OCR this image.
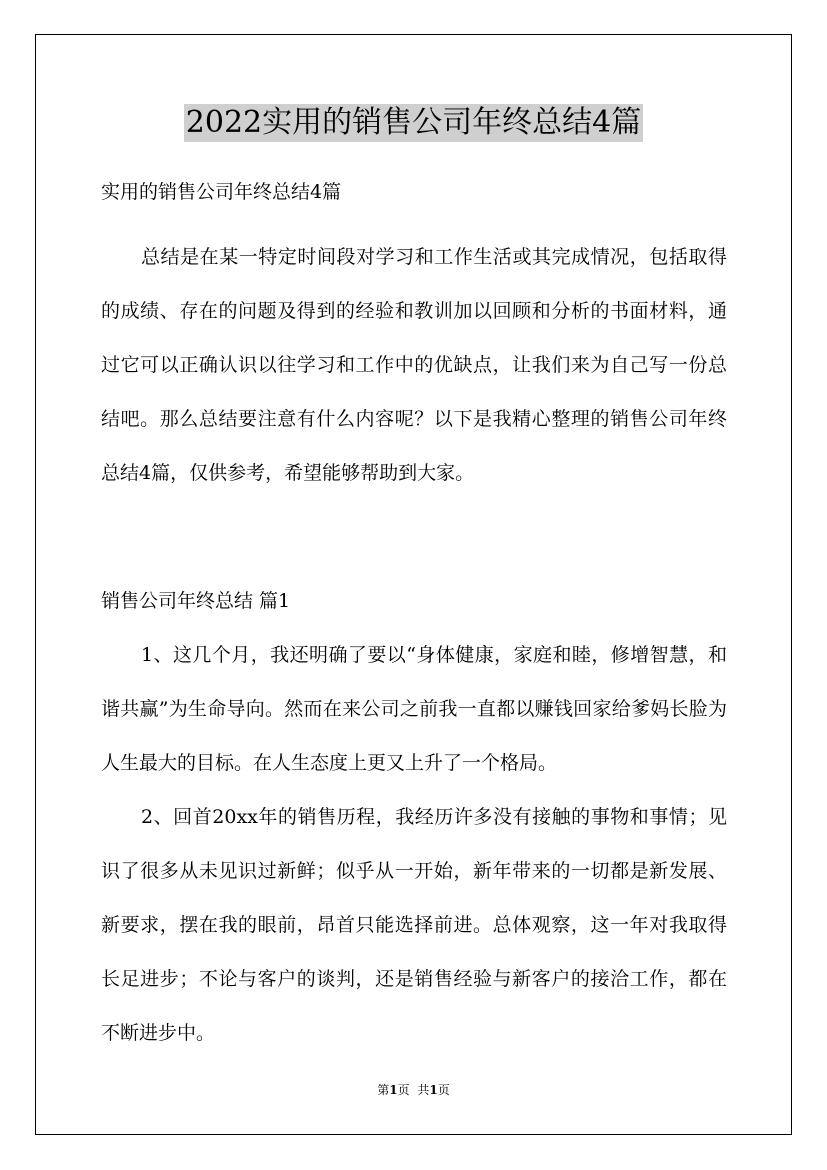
2022实用的销售公司年终总结4篇

实用的销售公司年终总结4篇

总结是在某一特定时间段对学习和工作生活或其完成情况，包括取得的成绩、存在的问题及得到的经验和教训加以回顾和分析的书面材料，通过它可以正确认识以往学习和工作中的优缺点，让我们来为自己写一份总结吧。那么总结要注意有什么内容呢？以下是我精心整理的销售公司年终总结4篇，仅供参考，希望能够帮助到大家。

销售公司年终总结 篇1

1、这几个月，我还明确了要以“身体健康，家庭和睦，修增智慧，和谐共赢”为生命导向。然而在来公司之前我一直都以赚钱回家给爹妈长脸为人生最大的目标。在人生态度上更又上升了一个格局。

2、回首20xx年的销售历程，我经历许多没有接触的事物和事情；见识了很多从未见识过新鲜；似乎从一开始，新年带来的一切都是新发展、新要求，摆在我的眼前，昂首只能选择前进。总体观察，这一年对我取得长足进步；不论与客户的谈判，还是销售经验与新客户的接洽工作，都在不断进步中。

第1页 共1页
